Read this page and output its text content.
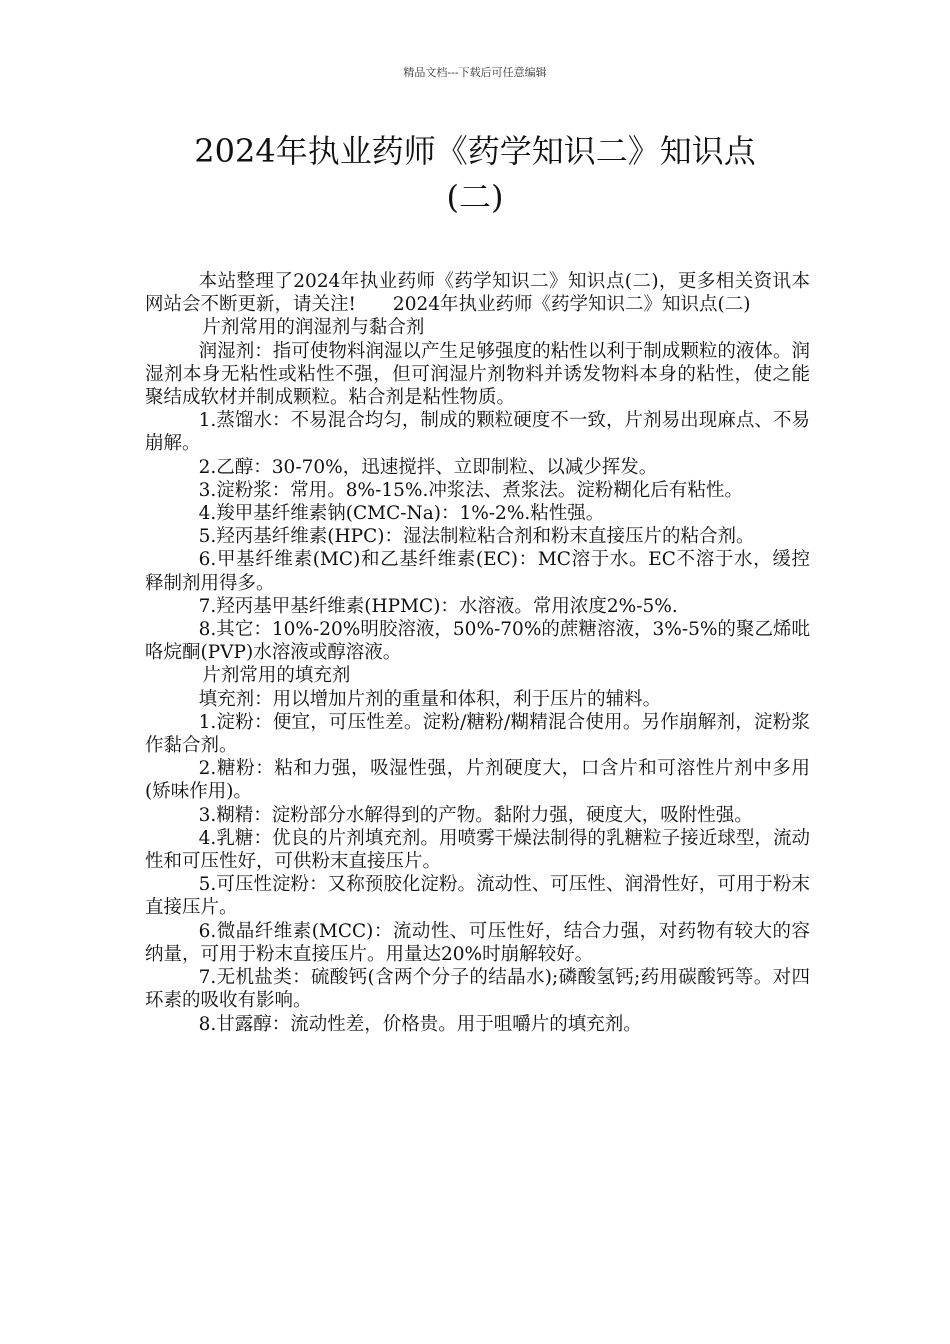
精品文档---下载后可任意编辑
2024年执业药师《药学知识二》知识点
(二)

本站整理了2024年执业药师《药学知识二》知识点(二)，更多相关资讯本网站会不断更新，请关注!　　2024年执业药师《药学知识二》知识点(二)

片剂常用的润湿剂与黏合剂

润湿剂：指可使物料润湿以产生足够强度的粘性以利于制成颗粒的液体。润湿剂本身无粘性或粘性不强，但可润湿片剂物料并诱发物料本身的粘性，使之能聚结成软材并制成颗粒。粘合剂是粘性物质。

1.蒸馏水：不易混合均匀，制成的颗粒硬度不一致，片剂易出现麻点、不易崩解。

2.乙醇：30-70%，迅速搅拌、立即制粒、以减少挥发。

3.淀粉浆：常用。8%-15%.冲浆法、煮浆法。淀粉糊化后有粘性。

4.羧甲基纤维素钠(CMC-Na)：1%-2%.粘性强。

5.羟丙基纤维素(HPC)：湿法制粒粘合剂和粉末直接压片的粘合剂。

6.甲基纤维素(MC)和乙基纤维素(EC)：MC溶于水。EC不溶于水，缓控释制剂用得多。

7.羟丙基甲基纤维素(HPMC)：水溶液。常用浓度2%-5%.

8.其它：10%-20%明胶溶液，50%-70%的蔗糖溶液，3%-5%的聚乙烯吡咯烷酮(PVP)水溶液或醇溶液。

片剂常用的填充剂

填充剂：用以增加片剂的重量和体积，利于压片的辅料。

1.淀粉：便宜，可压性差。淀粉/糖粉/糊精混合使用。另作崩解剂，淀粉浆作黏合剂。

2.糖粉：粘和力强，吸湿性强，片剂硬度大，口含片和可溶性片剂中多用(矫味作用)。

3.糊精：淀粉部分水解得到的产物。黏附力强，硬度大，吸附性强。

4.乳糖：优良的片剂填充剂。用喷雾干燥法制得的乳糖粒子接近球型，流动性和可压性好，可供粉末直接压片。

5.可压性淀粉：又称预胶化淀粉。流动性、可压性、润滑性好，可用于粉末直接压片。

6.微晶纤维素(MCC)：流动性、可压性好，结合力强，对药物有较大的容纳量，可用于粉末直接压片。用量达20%时崩解较好。

7.无机盐类：硫酸钙(含两个分子的结晶水);磷酸氢钙;药用碳酸钙等。对四环素的吸收有影响。

8.甘露醇：流动性差，价格贵。用于咀嚼片的填充剂。
